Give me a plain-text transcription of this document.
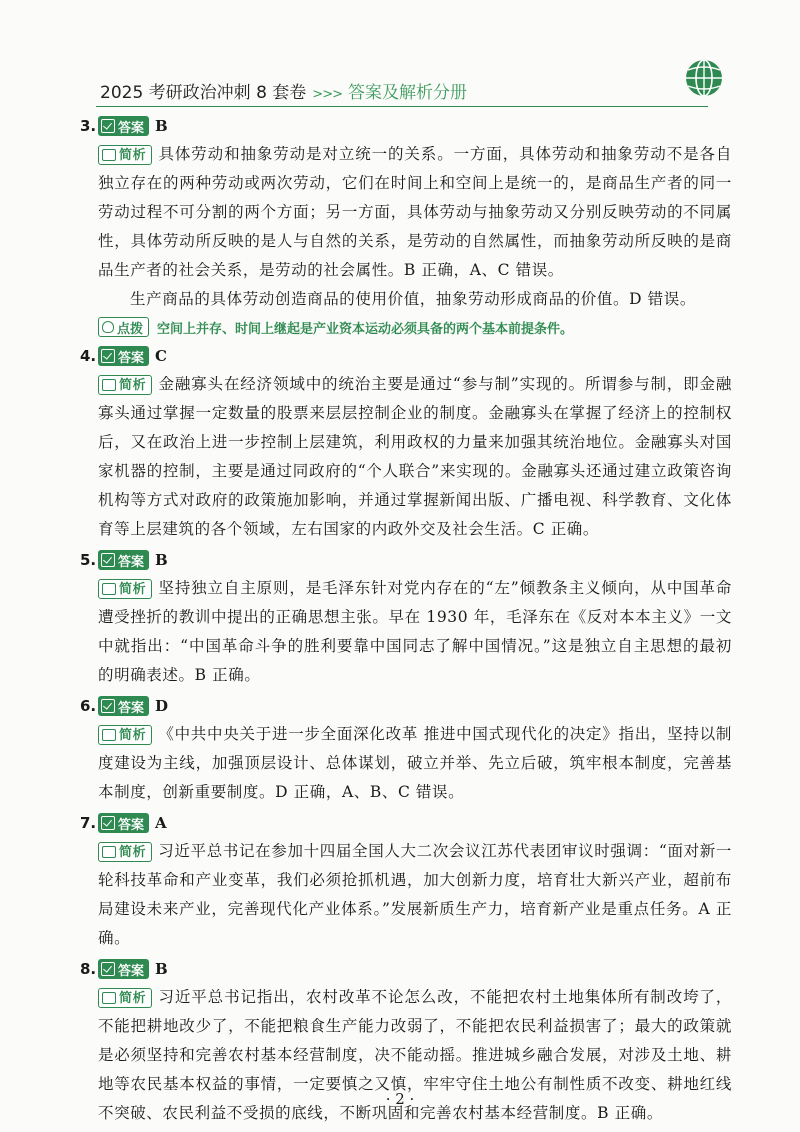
2025 考研政治冲刺 8 套卷 >>> 答案及解析分册
3. 答案 B

简析 具体劳动和抽象劳动是对立统一的关系。一方面，具体劳动和抽象劳动不是各自独立存在的两种劳动或两次劳动，它们在时间上和空间上是统一的，是商品生产者的同一劳动过程不可分割的两个方面；另一方面，具体劳动与抽象劳动又分别反映劳动的不同属性，具体劳动所反映的是人与自然的关系，是劳动的自然属性，而抽象劳动所反映的是商品生产者的社会关系，是劳动的社会属性。B 正确，A、C 错误。

生产商品的具体劳动创造商品的使用价值，抽象劳动形成商品的价值。D 错误。

点拨 空间上并存、时间上继起是产业资本运动必须具备的两个基本前提条件。
4. 答案 C

简析 金融寡头在经济领域中的统治主要是通过“参与制”实现的。所谓参与制，即金融寡头通过掌握一定数量的股票来层层控制企业的制度。金融寡头在掌握了经济上的控制权后，又在政治上进一步控制上层建筑，利用政权的力量来加强其统治地位。金融寡头对国家机器的控制，主要是通过同政府的“个人联合”来实现的。金融寡头还通过建立政策咨询机构等方式对政府的政策施加影响，并通过掌握新闻出版、广播电视、科学教育、文化体育等上层建筑的各个领域，左右国家的内政外交及社会生活。C 正确。

5. 答案 B

简析 坚持独立自主原则，是毛泽东针对党内存在的“左”倾教条主义倾向，从中国革命遭受挫折的教训中提出的正确思想主张。早在 1930 年，毛泽东在《反对本本主义》一文中就指出：“中国革命斗争的胜利要靠中国同志了解中国情况。”这是独立自主思想的最初的明确表述。B 正确。

6. 答案 D

简析 《中共中央关于进一步全面深化改革 推进中国式现代化的决定》指出，坚持以制度建设为主线，加强顶层设计、总体谋划，破立并举、先立后破，筑牢根本制度，完善基本制度，创新重要制度。D 正确，A、B、C 错误。

7. 答案 A

简析 习近平总书记在参加十四届全国人大二次会议江苏代表团审议时强调：“面对新一轮科技革命和产业变革，我们必须抢抓机遇，加大创新力度，培育壮大新兴产业，超前布局建设未来产业，完善现代化产业体系。”发展新质生产力，培育新产业是重点任务。A 正确。

8. 答案 B

简析 习近平总书记指出，农村改革不论怎么改，不能把农村土地集体所有制改垮了，不能把耕地改少了，不能把粮食生产能力改弱了，不能把农民利益损害了；最大的政策就是必须坚持和完善农村基本经营制度，决不能动摇。推进城乡融合发展，对涉及土地、耕地等农民基本权益的事情，一定要慎之又慎，牢牢守住土地公有制性质不改变、耕地红线不突破、农民利益不受损的底线，不断巩固和完善农村基本经营制度。B 正确。

· 2 ·
